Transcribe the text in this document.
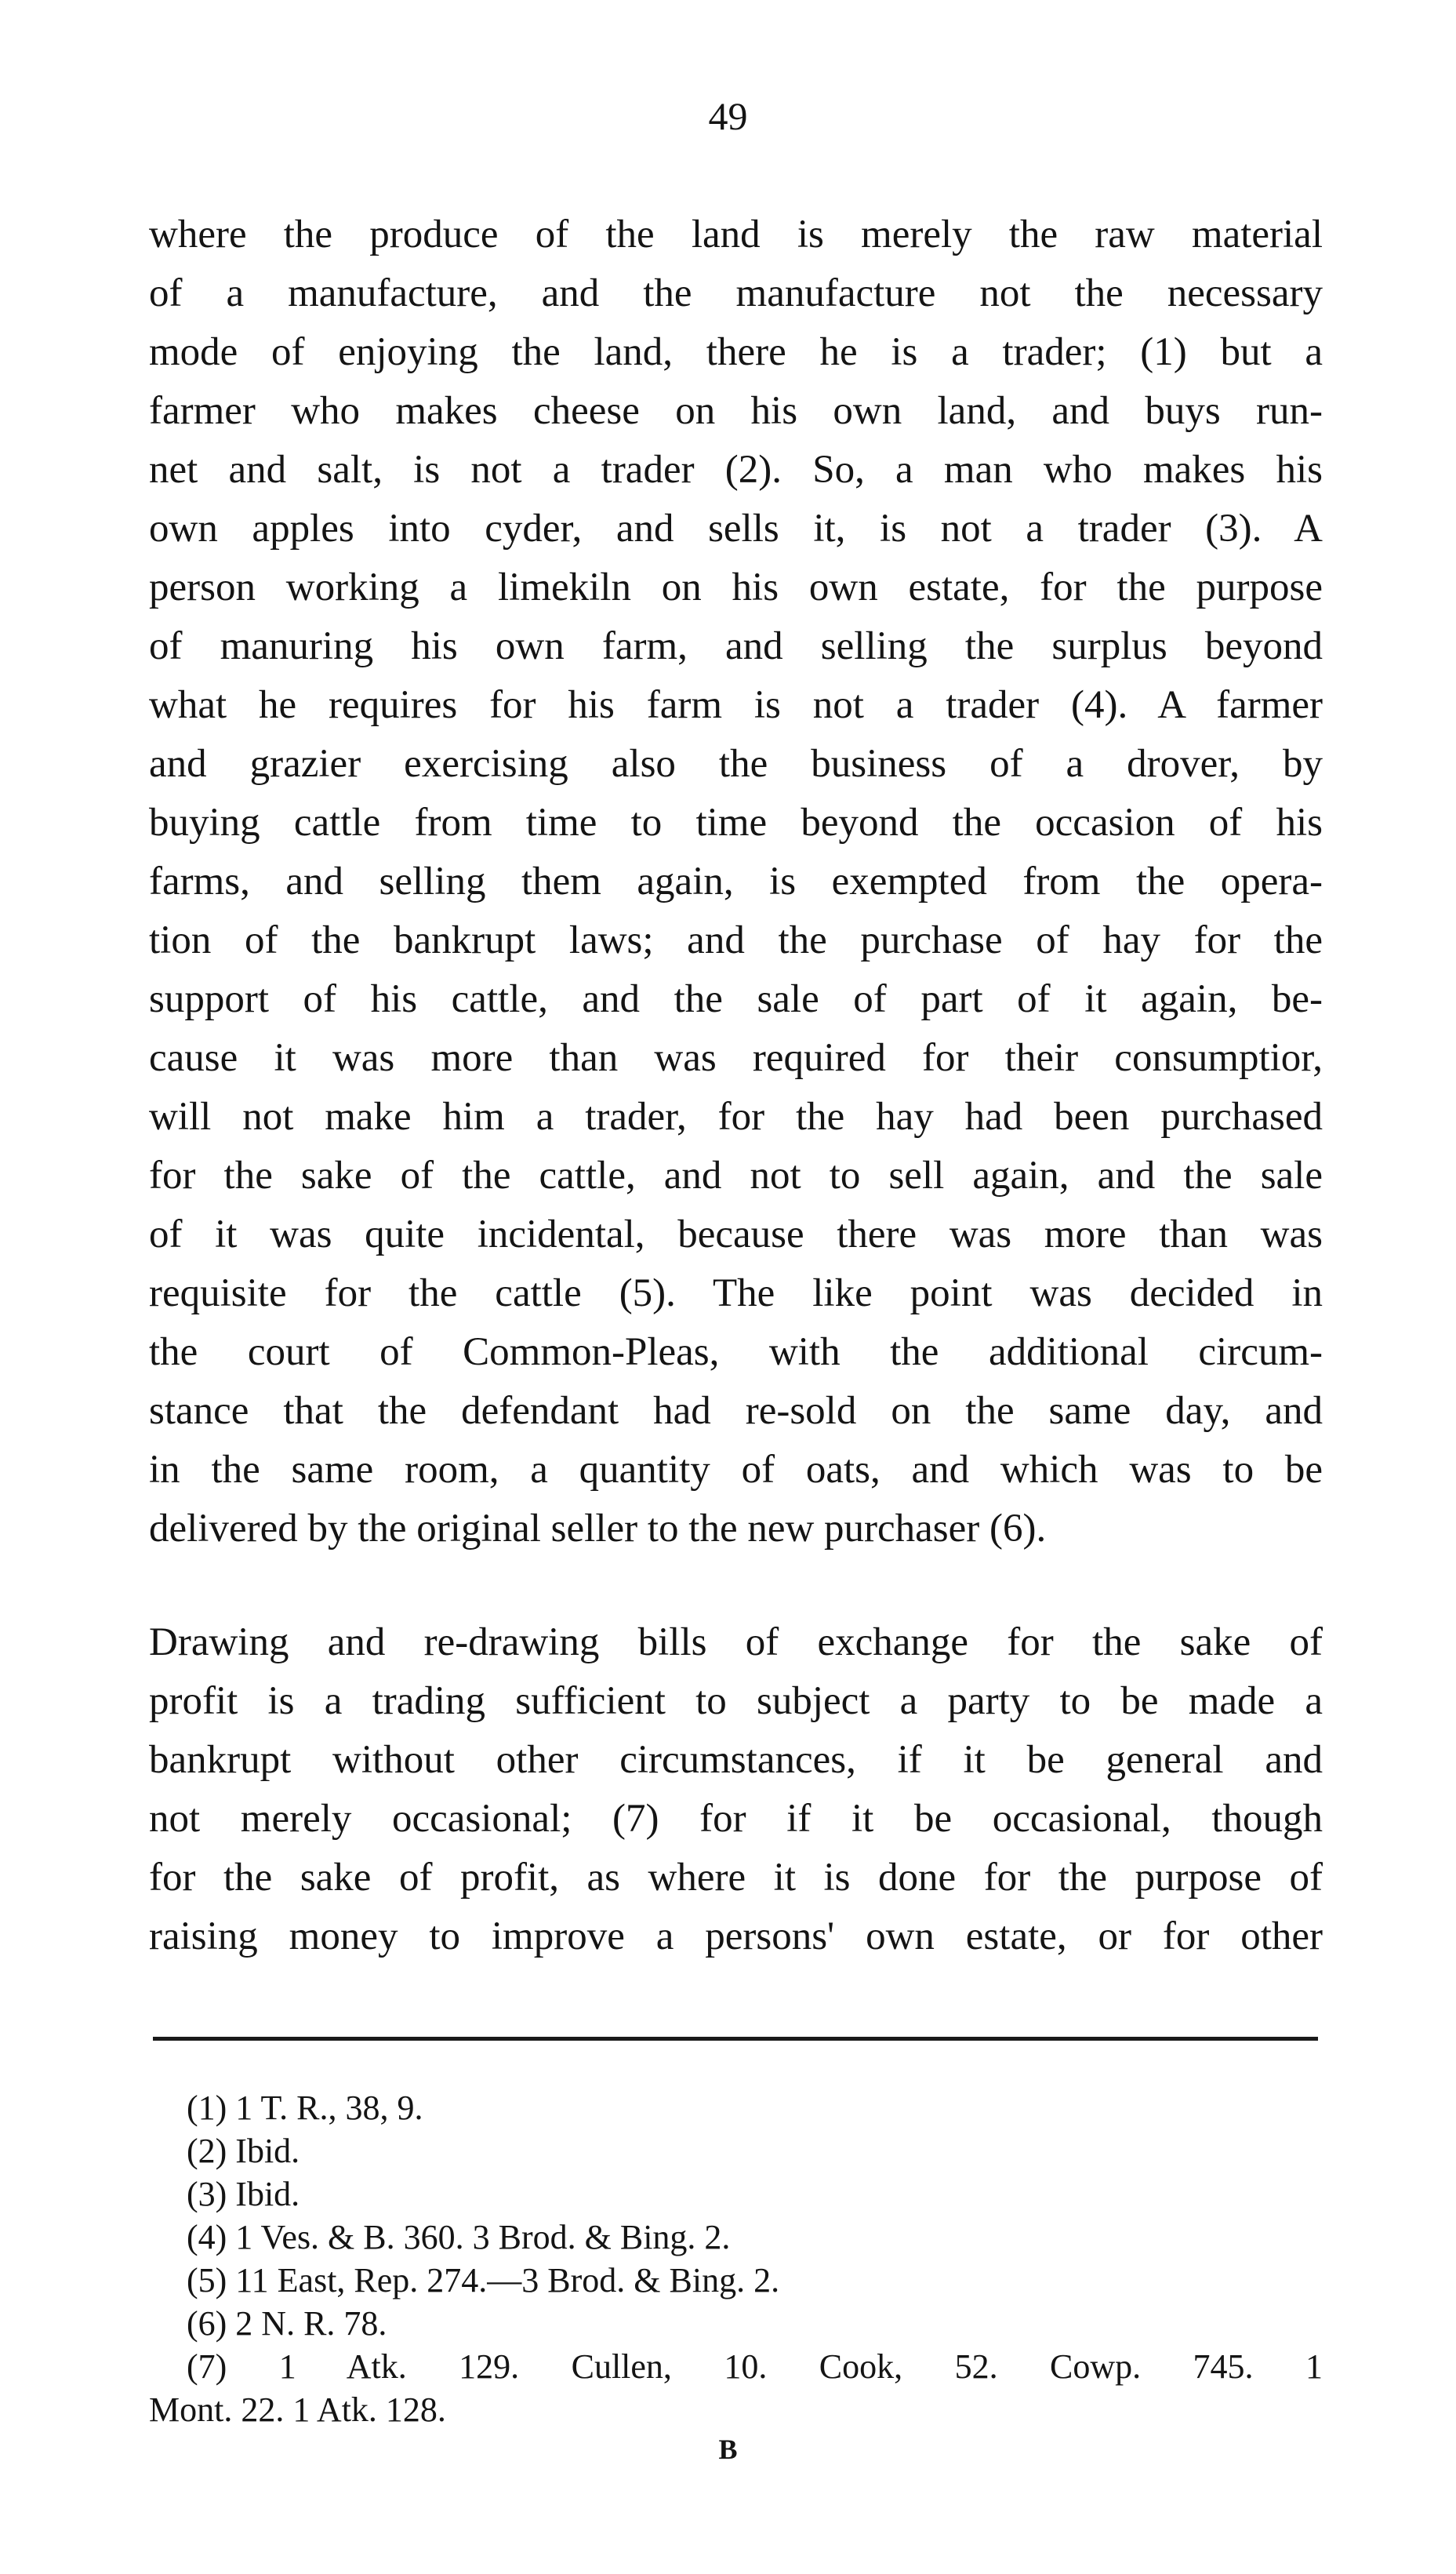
49
where the produce of the land is merely the raw material
of a manufacture, and the manufacture not the necessary
mode of enjoying the land, there he is a trader; (1) but a
farmer who makes cheese on his own land, and buys run-
net and salt, is not a trader (2). So, a man who makes his
own apples into cyder, and sells it, is not a trader (3). A
person working a limekiln on his own estate, for the purpose
of manuring his own farm, and selling the surplus beyond
what he requires for his farm is not a trader (4). A farmer
and grazier exercising also the business of a drover, by
buying cattle from time to time beyond the occasion of his
farms, and selling them again, is exempted from the opera-
tion of the bankrupt laws; and the purchase of hay for the
support of his cattle, and the sale of part of it again, be-
cause it was more than was required for their consumptior,
will not make him a trader, for the hay had been purchased
for the sake of the cattle, and not to sell again, and the sale
of it was quite incidental, because there was more than was
requisite for the cattle (5). The like point was decided in
the court of Common-Pleas, with the additional circum-
stance that the defendant had re-sold on the same day, and
in the same room, a quantity of oats, and which was to be
delivered by the original seller to the new purchaser (6).
Drawing and re-drawing bills of exchange for the sake of
profit is a trading sufficient to subject a party to be made a
bankrupt without other circumstances, if it be general and
not merely occasional; (7) for if it be occasional, though
for the sake of profit, as where it is done for the purpose of
raising money to improve a persons' own estate, or for other
(1) 1 T. R., 38, 9.
(2) Ibid.
(3) Ibid.
(4) 1 Ves. & B. 360. 3 Brod. & Bing. 2.
(5) 11 East, Rep. 274.—3 Brod. & Bing. 2.
(6) 2 N. R. 78.
(7) 1 Atk. 129. Cullen, 10. Cook, 52. Cowp. 745. 1
Mont. 22. 1 Atk. 128.
B
